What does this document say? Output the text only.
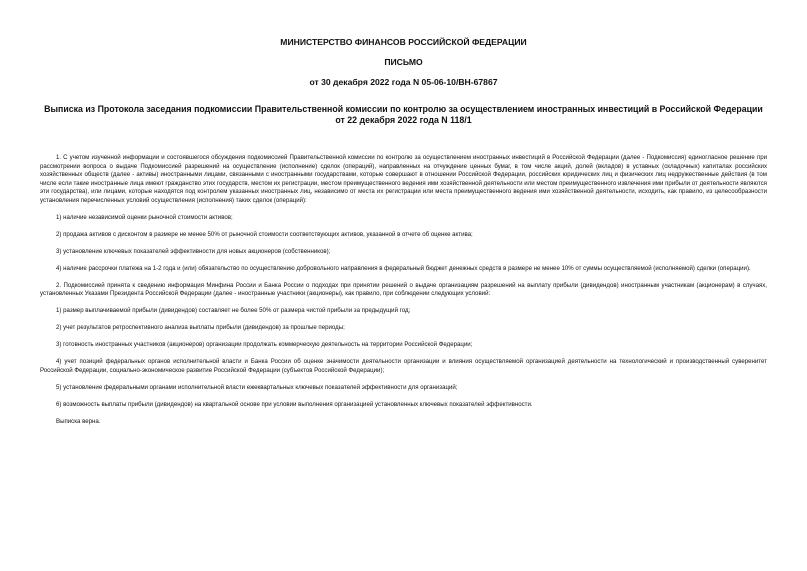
МИНИСТЕРСТВО ФИНАНСОВ РОССИЙСКОЙ ФЕДЕРАЦИИ
ПИСЬМО
от 30 декабря 2022 года N 05-06-10/ВН-67867
Выписка из Протокола заседания подкомиссии Правительственной комиссии по контролю за осуществлением иностранных инвестиций в Российской Федерации
от 22 декабря 2022 года N 118/1

1. С учетом изученной информации и состоявшегося обсуждения подкомиссией Правительственной комиссии по контролю за осуществлением иностранных инвестиций в Российской Федерации (далее - Подкомиссия) единогласное решение при рассмотрении вопроса о выдаче Подкомиссией разрешений на осуществление (исполнение) сделок (операций), направленных на отчуждение ценных бумаг, в том числе акций, долей (вкладов) в уставных (складочных) капиталах российских хозяйственных обществ (далее - активы) иностранными лицами, связанными с иностранными государствами, которые совершают в отношении Российской Федерации, российских юридических лиц и физических лиц недружественные действия (в том числе если такие иностранные лица имеют гражданство этих государств, местом их регистрации, местом преимущественного ведения ими хозяйственной деятельности или местом преимущественного извлечения ими прибыли от деятельности являются эти государства), или лицами, которые находятся под контролем указанных иностранных лиц, независимо от места их регистрации или места преимущественного ведения ими хозяйственной деятельности, исходить, как правило, из целесообразности установления перечисленных условий осуществления (исполнения) таких сделок (операций):

1) наличие независимой оценки рыночной стоимости активов;

2) продажа активов с дисконтом в размере не менее 50% от рыночной стоимости соответствующих активов, указанной в отчете об оценке актива;

3) установление ключевых показателей эффективности для новых акционеров (собственников);

4) наличие рассрочки платежа на 1-2 года и (или) обязательство по осуществлению добровольного направления в федеральный бюджет денежных средств в размере не менее 10% от суммы осуществляемой (исполняемой) сделки (операции).

2. Подкомиссией принята к сведению информация Минфина России и Банка России о подходах при принятии решений о выдаче организациям разрешений на выплату прибыли (дивидендов) иностранным участникам (акционерам) в случаях, установленных Указами Президента Российской Федерации (далее - иностранные участники (акционеры), как правило, при соблюдении следующих условий:

1) размер выплачиваемой прибыли (дивидендов) составляет не более 50% от размера чистой прибыли за предыдущий год;

2) учет результатов ретроспективного анализа выплаты прибыли (дивидендов) за прошлые периоды;

3) готовность иностранных участников (акционеров) организации продолжать коммерческую деятельность на территории Российской Федерации;

4) учет позиций федеральных органов исполнительной власти и Банка России об оценке значимости деятельности организации и влияния осуществляемой организацией деятельности на технологический и производственный суверенитет Российской Федерации, социально-экономическое развитие Российской Федерации (субъектов Российской Федерации);

5) установление федеральными органами исполнительной власти ежеквартальных ключевых показателей эффективности для организаций;

6) возможность выплаты прибыли (дивидендов) на квартальной основе при условии выполнения организацией установленных ключевых показателей эффективности.

Выписка верна.
